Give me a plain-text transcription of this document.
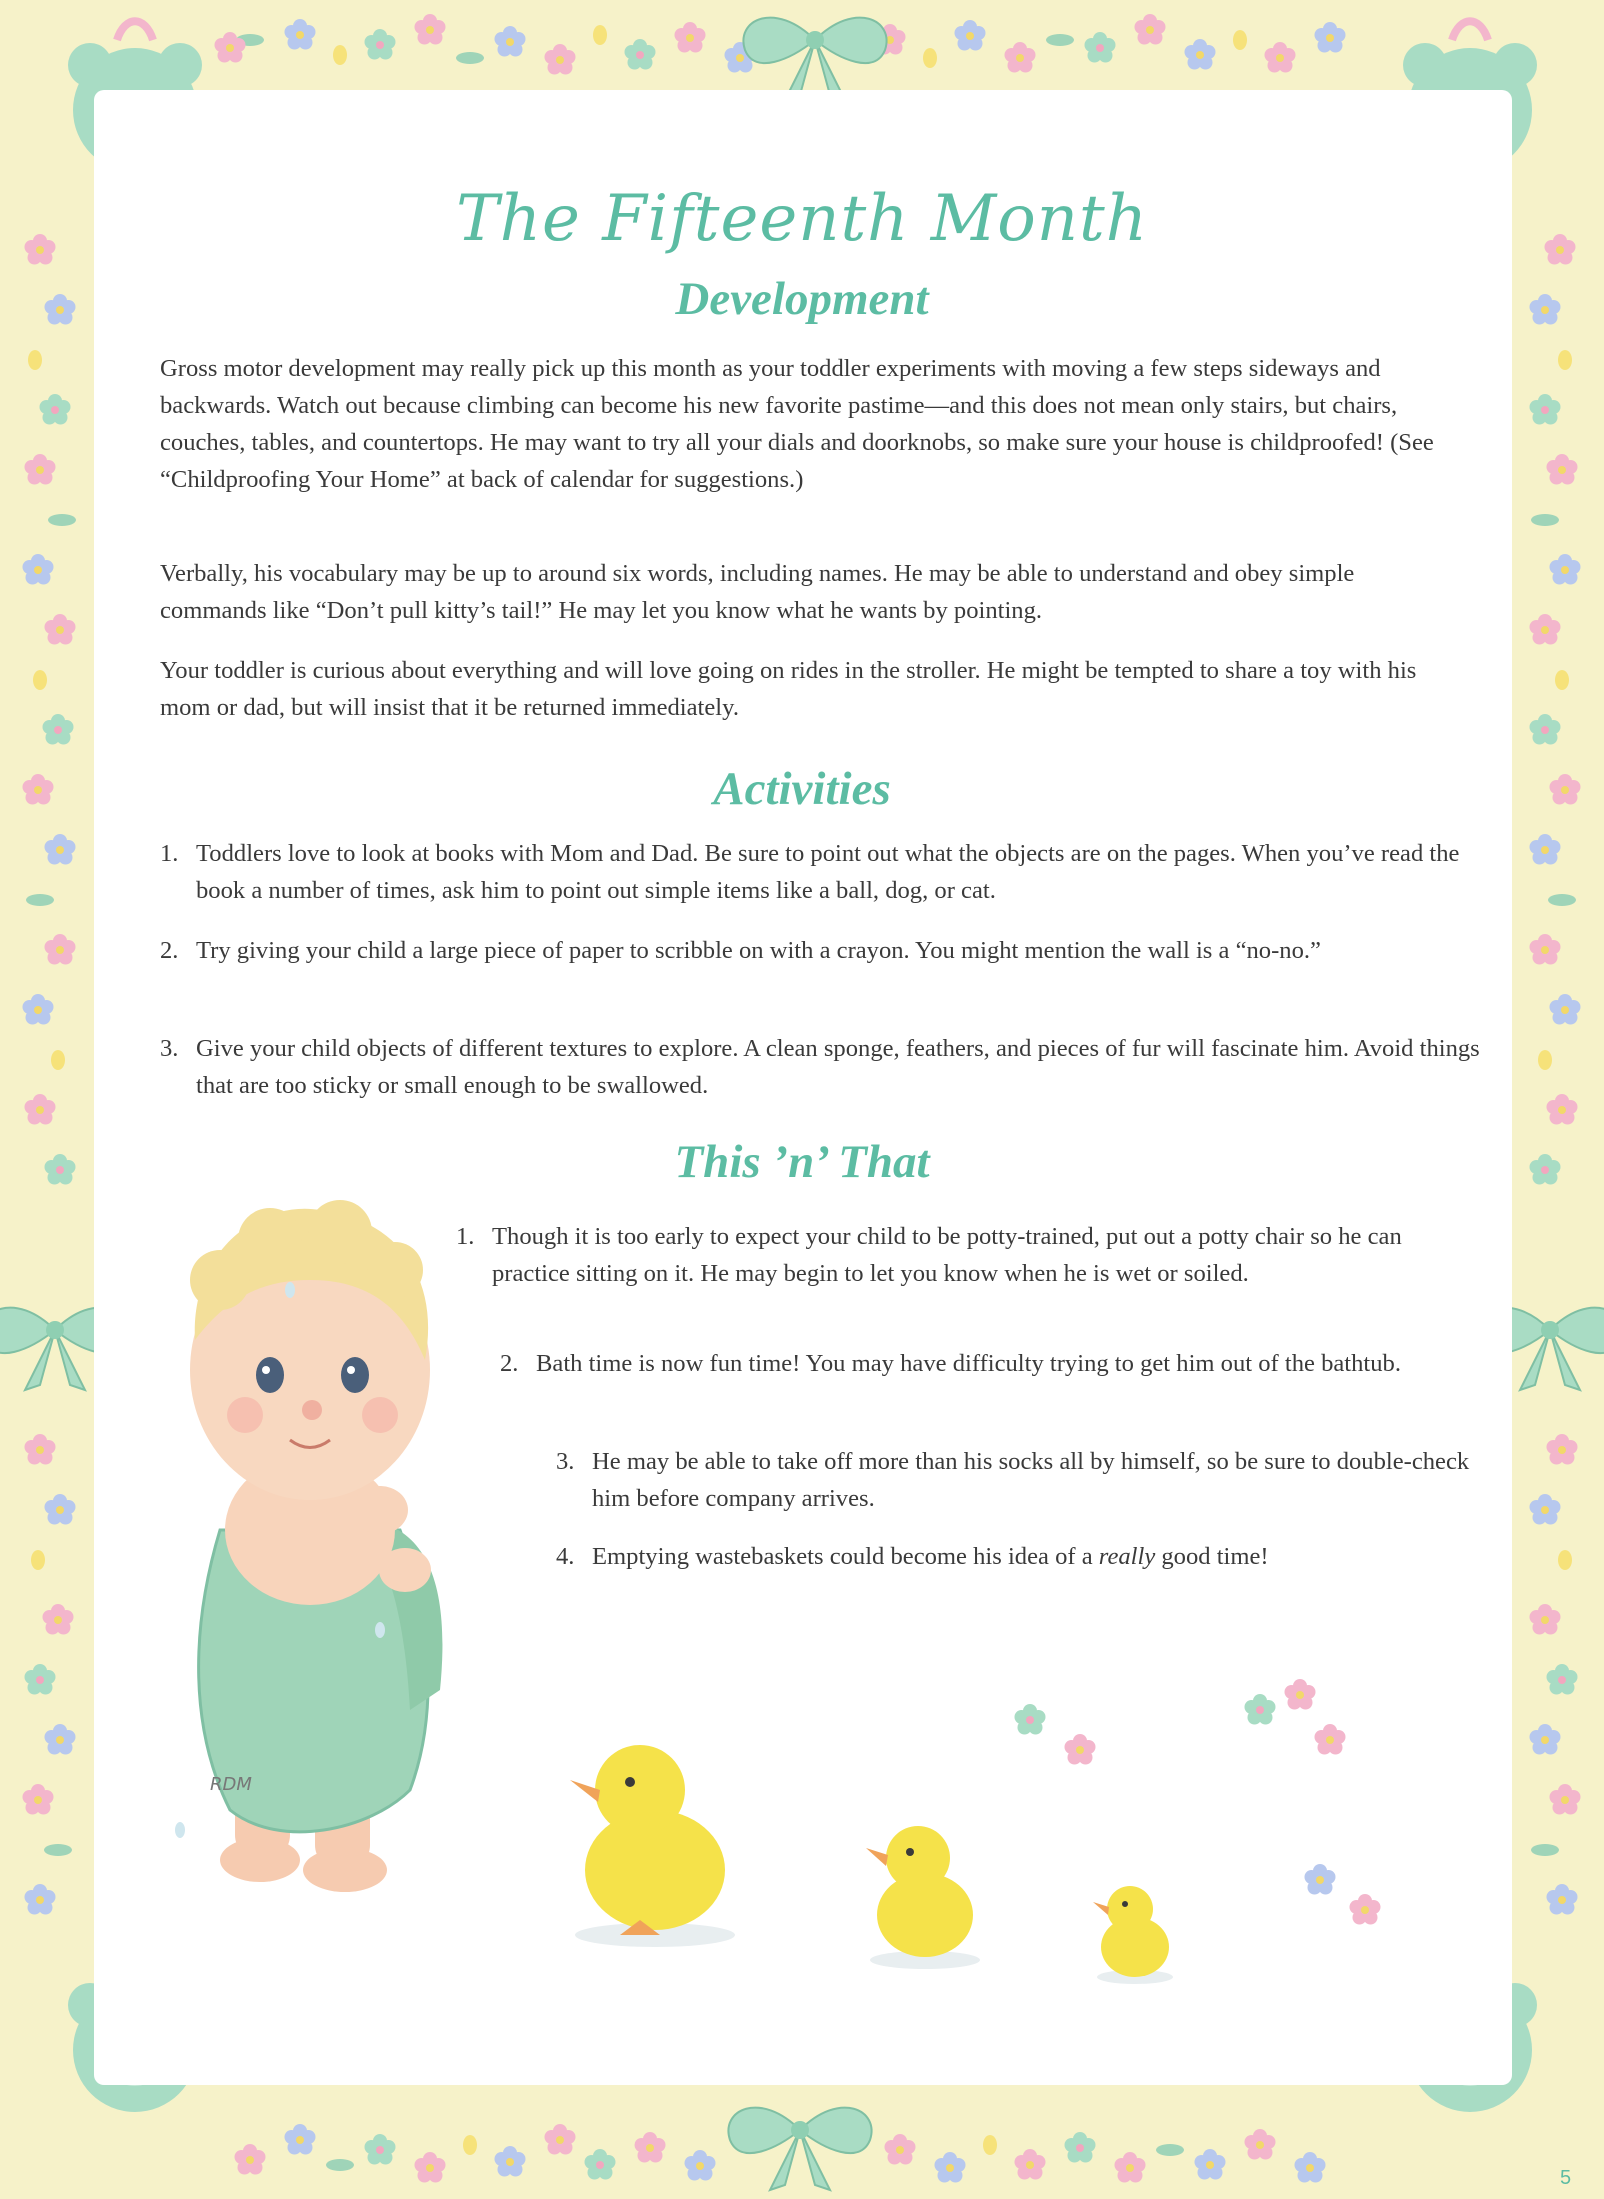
The Fifteenth Month
Development

Gross motor development may really pick up this month as your toddler experiments with moving a few steps sideways and backwards. Watch out because climbing can become his new favorite pastime—and this does not mean only stairs, but chairs, couches, tables, and countertops. He may want to try all your dials and doorknobs, so make sure your house is childproofed! (See “Childproofing Your Home” at back of calendar for suggestions.)

Verbally, his vocabulary may be up to around six words, including names. He may be able to understand and obey simple commands like “Don’t pull kitty’s tail!” He may let you know what he wants by pointing.

Your toddler is curious about everything and will love going on rides in the stroller. He might be tempted to share a toy with his mom or dad, but will insist that it be returned immediately.

Activities
1. Toddlers love to look at books with Mom and Dad. Be sure to point out what the objects are on the pages. When you’ve read the book a number of times, ask him to point out simple items like a ball, dog, or cat.
2. Try giving your child a large piece of paper to scribble on with a crayon. You might mention the wall is a “no-no.”
3. Give your child objects of different textures to explore. A clean sponge, feathers, and pieces of fur will fascinate him. Avoid things that are too sticky or small enough to be swallowed.
This ’n’ That
1. Though it is too early to expect your child to be potty-trained, put out a potty chair so he can practice sitting on it. He may begin to let you know when he is wet or soiled.
2. Bath time is now fun time! You may have difficulty trying to get him out of the bathtub.
3. He may be able to take off more than his socks all by himself, so be sure to double-check him before company arrives.
4. Emptying wastebaskets could become his idea of a really good time!
RDM
5
